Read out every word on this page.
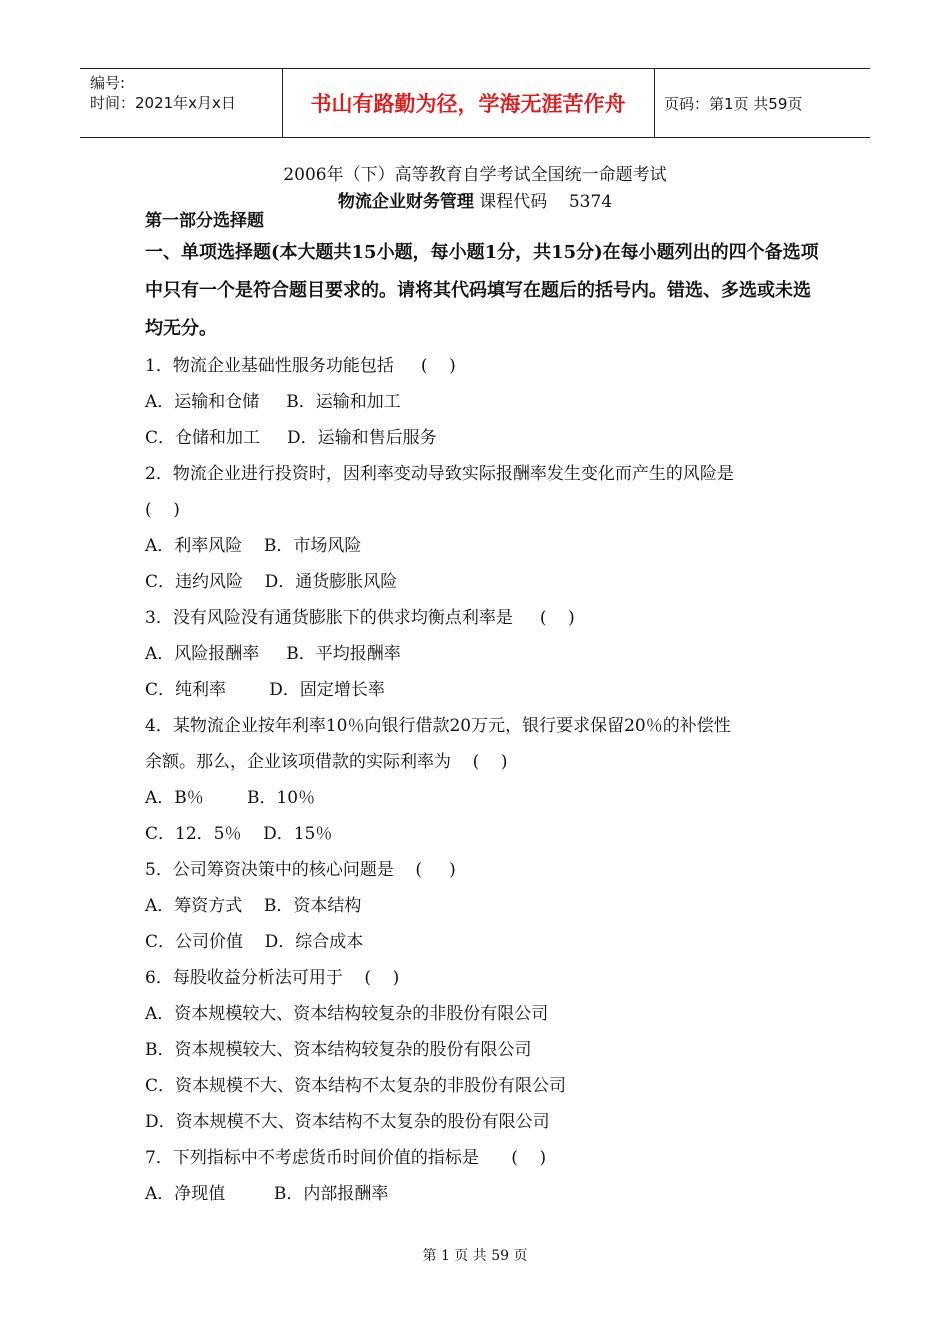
编号:
时间：2021年x月x日	书山有路勤为径，学海无涯苦作舟	页码：第1页 共59页
2006年（下）高等教育自学考试全国统一命题考试
物流企业财务管理 课程代码    5374
第一部分选择题
一、单项选择题(本大题共15小题，每小题1分，共15分)在每小题列出的四个备选项中只有一个是符合题目要求的。请将其代码填写在题后的括号内。错选、多选或未选均无分。
1．物流企业基础性服务功能包括     (    )
A．运输和仓储     B．运输和加工
C．仓储和加工     D．运输和售后服务
2．物流企业进行投资时，因利率变动导致实际报酬率发生变化而产生的风险是
(    )
A．利率风险    B．市场风险
C．违约风险    D．通货膨胀风险
3．没有风险没有通货膨胀下的供求均衡点利率是     (    )
A．风险报酬率     B．平均报酬率
C．纯利率        D．固定增长率
4．某物流企业按年利率10％向银行借款20万元，银行要求保留20％的补偿性
余额。那么，企业该项借款的实际利率为    (    )
A．B％        B．10％
C．12．5％    D．15％
5．公司筹资决策中的核心问题是    (     )
A．筹资方式    B．资本结构
C．公司价值    D．综合成本
6．每股收益分析法可用于    (    )
A．资本规模较大、资本结构较复杂的非股份有限公司
B．资本规模较大、资本结构较复杂的股份有限公司
C．资本规模不大、资本结构不太复杂的非股份有限公司
D．资本规模不大、资本结构不太复杂的股份有限公司
7．下列指标中不考虑货币时间价值的指标是      (    )
A．净现值         B．内部报酬率
第 1 页 共 59 页
